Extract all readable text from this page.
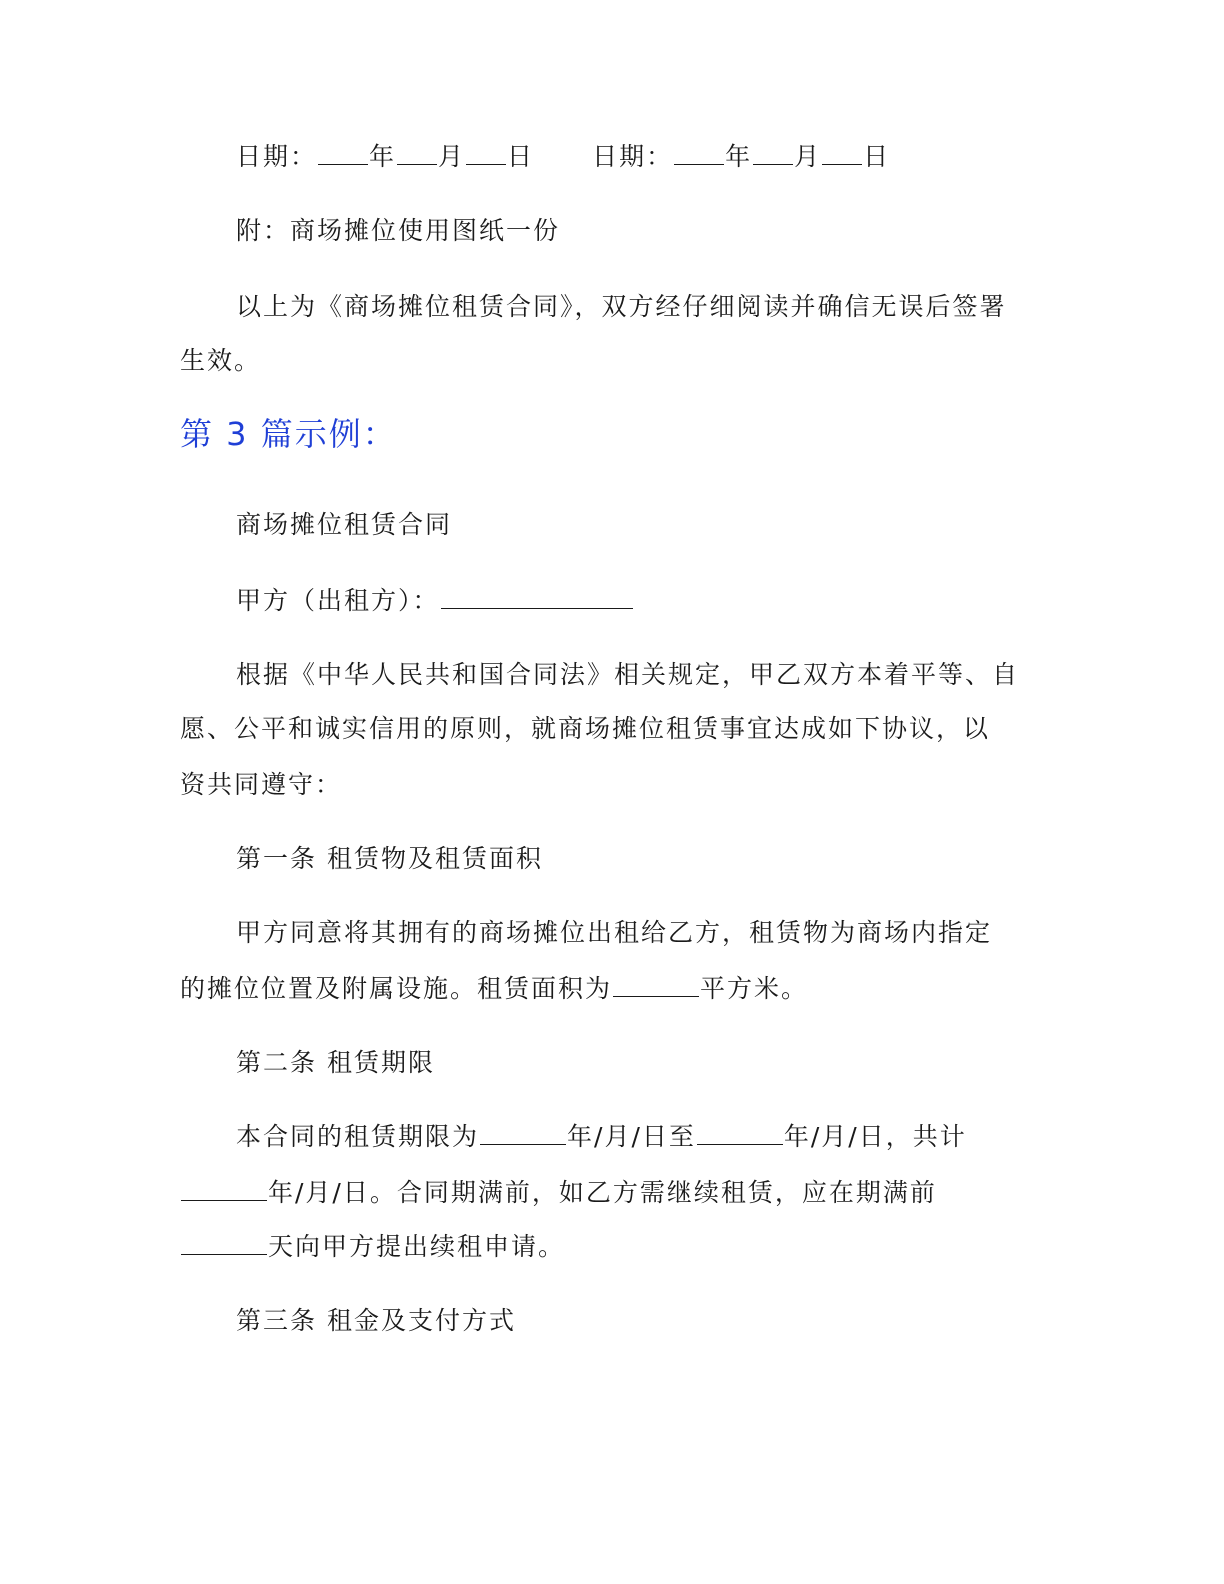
日期： 年 月 日 日期： 年 月 日
附：商场摊位使用图纸一份
以上为《商场摊位租赁合同》，双方经仔细阅读并确信无误后签署
生效。
第 3 篇示例：
商场摊位租赁合同
甲方（出租方）：
根据《中华人民共和国合同法》相关规定，甲乙双方本着平等、自
愿、公平和诚实信用的原则，就商场摊位租赁事宜达成如下协议，以
资共同遵守：
第一条 租赁物及租赁面积
甲方同意将其拥有的商场摊位出租给乙方，租赁物为商场内指定
的摊位位置及附属设施。租赁面积为	平方米。
第二条 租赁期限
本合同的租赁期限为	年/月/日至	年/月/日，共计
年/月/日。合同期满前，如乙方需继续租赁，应在期满前
天向甲方提出续租申请。
第三条 租金及支付方式
